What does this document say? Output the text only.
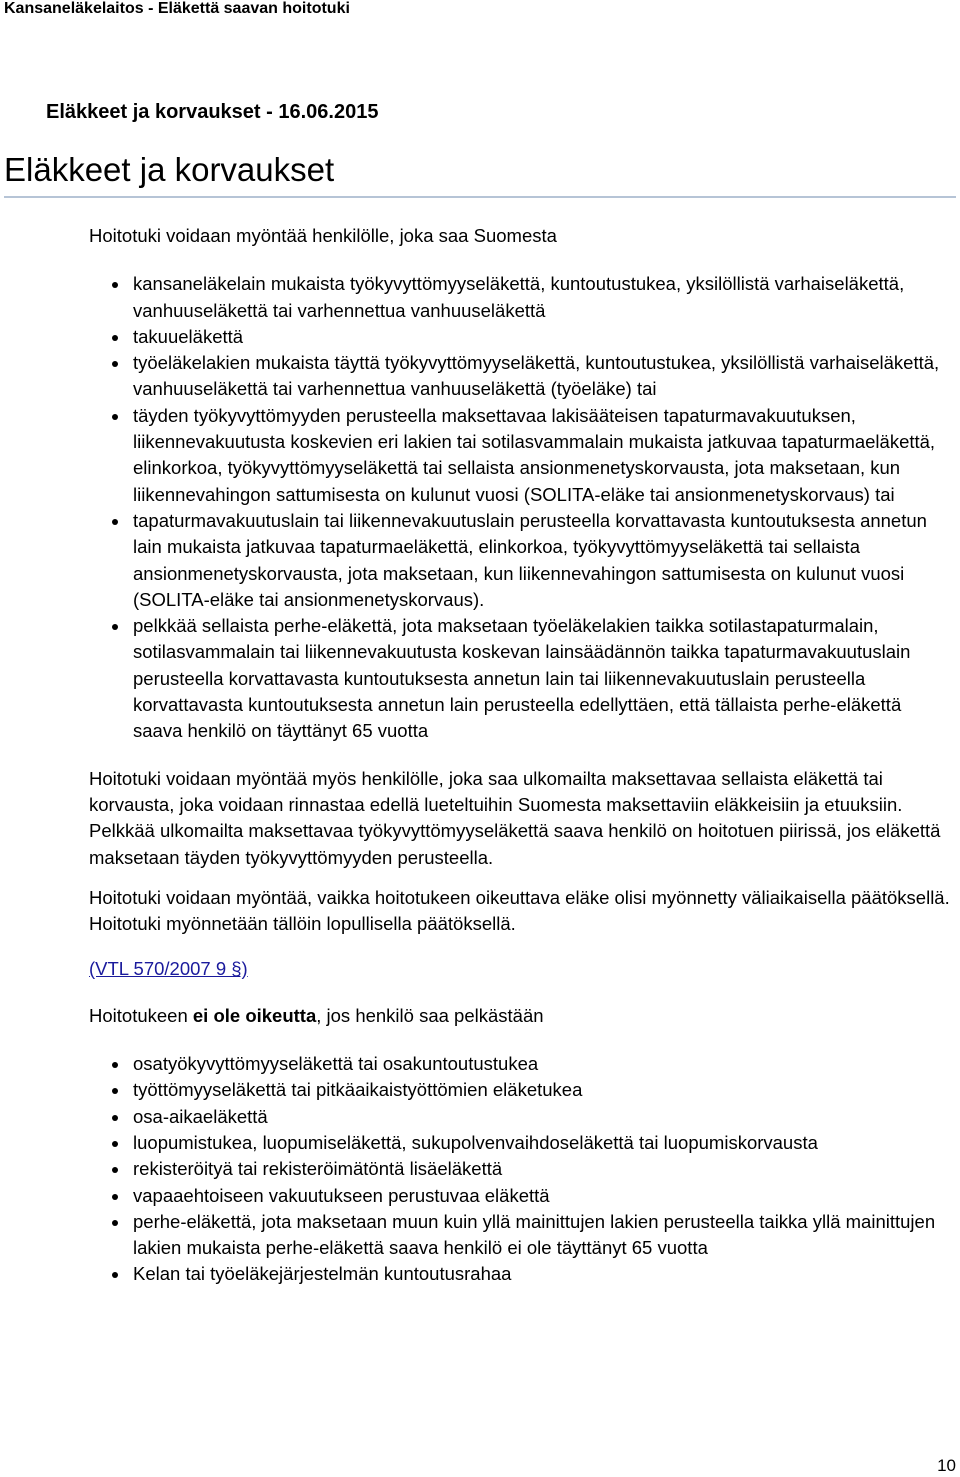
Kansaneläkelaitos - Eläkettä saavan hoitotuki
Eläkkeet ja korvaukset - 16.06.2015
Eläkkeet ja korvaukset

Hoitotuki voidaan myöntää henkilölle, joka saa Suomesta

kansaneläkelain mukaista työkyvyttömyyseläkettä, kuntoutustukea, yksilöllistä varhaiseläkettä, vanhuuseläkettä tai varhennettua vanhuuseläkettä
takuueläkettä
työeläkelakien mukaista täyttä työkyvyttömyyseläkettä, kuntoutustukea, yksilöllistä varhaiseläkettä, vanhuuseläkettä tai varhennettua vanhuuseläkettä (työeläke) tai
täyden työkyvyttömyyden perusteella maksettavaa lakisääteisen tapaturmavakuutuksen, liikennevakuutusta koskevien eri lakien tai sotilasvammalain mukaista jatkuvaa tapaturmaeläkettä, elinkorkoa, työkyvyttömyyseläkettä tai sellaista ansionmenetyskorvausta, jota maksetaan, kun liikennevahingon sattumisesta on kulunut vuosi (SOLITA-eläke tai ansionmenetyskorvaus) tai
tapaturmavakuutuslain tai liikennevakuutuslain perusteella korvattavasta kuntoutuksesta annetun lain mukaista jatkuvaa tapaturmaeläkettä, elinkorkoa, työkyvyttömyyseläkettä tai sellaista ansionmenetyskorvausta, jota maksetaan, kun liikennevahingon sattumisesta on kulunut vuosi (SOLITA-eläke tai ansionmenetyskorvaus).
pelkkää sellaista perhe-eläkettä, jota maksetaan työeläkelakien taikka sotilastapaturmalain, sotilasvammalain tai liikennevakuutusta koskevan lainsäädännön taikka tapaturmavakuutuslain perusteella korvattavasta kuntoutuksesta annetun lain tai liikennevakuutuslain perusteella korvattavasta kuntoutuksesta annetun lain perusteella edellyttäen, että tällaista perhe-eläkettä saava henkilö on täyttänyt 65 vuotta

Hoitotuki voidaan myöntää myös henkilölle, joka saa ulkomailta maksettavaa sellaista eläkettä tai korvausta, joka voidaan rinnastaa edellä lueteltuihin Suomesta maksettaviin eläkkeisiin ja etuuksiin. Pelkkää ulkomailta maksettavaa työkyvyttömyyseläkettä saava henkilö on hoitotuen piirissä, jos eläkettä maksetaan täyden työkyvyttömyyden perusteella.

Hoitotuki voidaan myöntää, vaikka hoitotukeen oikeuttava eläke olisi myönnetty väliaikaisella päätöksellä. Hoitotuki myönnetään tällöin lopullisella päätöksellä.

(VTL 570/2007 9 §)

Hoitotukeen ei ole oikeutta, jos henkilö saa pelkästään

osatyökyvyttömyyseläkettä tai osakuntoutustukea
työttömyyseläkettä tai pitkäaikaistyöttömien eläketukea
osa-aikaeläkettä
luopumistukea, luopumiseläkettä, sukupolvenvaihdoseläkettä tai luopumiskorvausta
rekisteröityä tai rekisteröimätöntä lisäeläkettä
vapaaehtoiseen vakuutukseen perustuvaa eläkettä
perhe-eläkettä, jota maksetaan muun kuin yllä mainittujen lakien perusteella taikka yllä mainittujen lakien mukaista perhe-eläkettä saava henkilö ei ole täyttänyt 65 vuotta
Kelan tai työeläkejärjestelmän kuntoutusrahaa
10
